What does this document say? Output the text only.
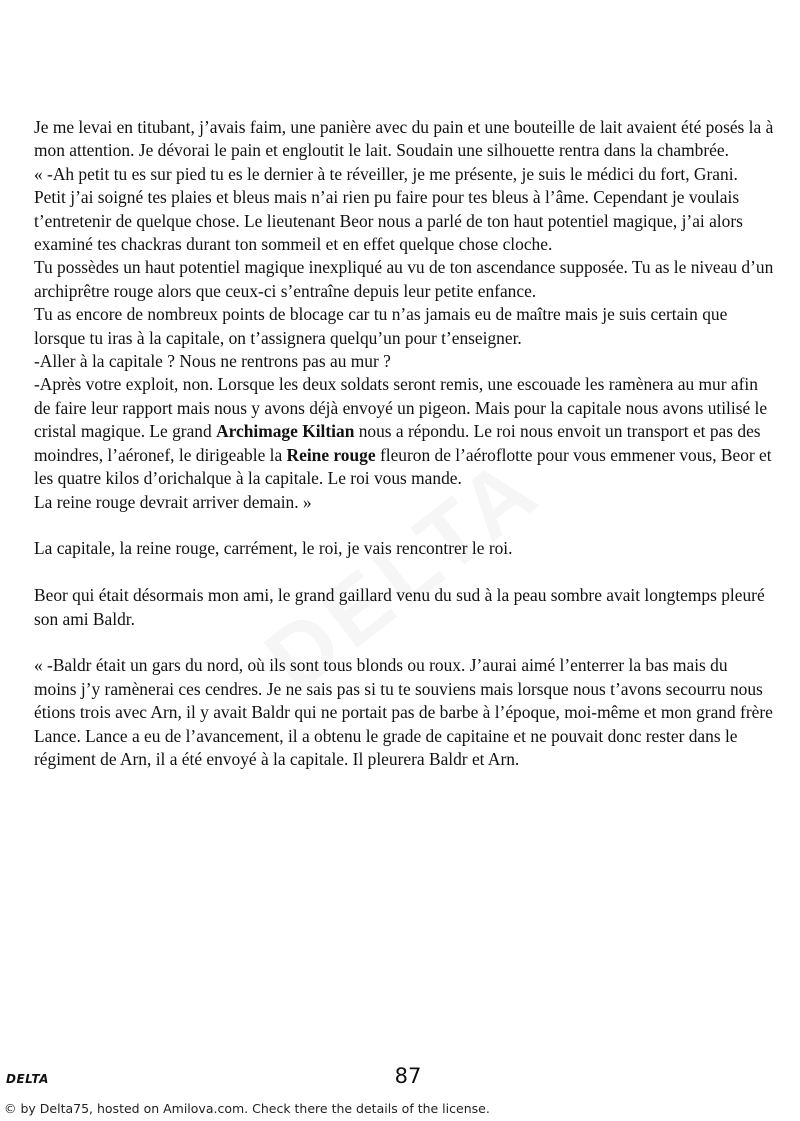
Je me levai en titubant, j’avais faim, une panière avec du pain et une bouteille de lait avaient été posés la à mon attention. Je dévorai le pain et engloutit le lait. Soudain une silhouette rentra dans la chambrée.

« -Ah petit tu es sur pied tu es le dernier à te réveiller, je me présente, je suis le médici du fort, Grani. Petit j’ai soigné tes plaies et bleus mais n’ai rien pu faire pour tes bleus à l’âme. Cependant je voulais t’entretenir de quelque chose. Le lieutenant Beor nous a parlé de ton haut potentiel magique, j’ai alors examiné tes chackras durant ton sommeil et en effet quelque chose cloche.

Tu possèdes un haut potentiel magique inexpliqué au vu de ton ascendance supposée. Tu as le niveau d’un archiprêtre rouge alors que ceux-ci s’entraîne depuis leur petite enfance.

Tu as encore de nombreux points de blocage car tu n’as jamais eu de maître mais je suis certain que lorsque tu iras à la capitale, on t’assignera quelqu’un pour t’enseigner.

-Aller à la capitale ? Nous ne rentrons pas au mur ?

-Après votre exploit, non. Lorsque les deux soldats seront remis, une escouade les ramènera au mur afin de faire leur rapport mais nous y avons déjà envoyé un pigeon. Mais pour la capitale nous avons utilisé le cristal magique. Le grand Archimage Kiltian nous a répondu. Le roi nous envoit un transport et pas des moindres, l’aéronef, le dirigeable la Reine rouge fleuron de l’aéroflotte pour vous emmener vous, Beor et les quatre kilos d’orichalque à la capitale. Le roi vous mande.

La reine rouge devrait arriver demain. »

La capitale, la reine rouge, carrément, le roi, je vais rencontrer le roi.

Beor qui était désormais mon ami, le grand gaillard venu du sud à la peau sombre avait longtemps pleuré son ami Baldr.

« -Baldr était un gars du nord, où ils sont tous blonds ou roux. J’aurai aimé l’enterrer la bas mais du moins j’y ramènerai ces cendres. Je ne sais pas si tu te souviens mais lorsque nous t’avons secourru nous étions trois avec Arn, il y avait Baldr qui ne portait pas de barbe à l’époque, moi-même et mon grand frère Lance. Lance a eu de l’avancement, il a obtenu le grade de capitaine et ne pouvait donc rester dans le régiment de Arn, il a été envoyé à la capitale. Il pleurera Baldr et Arn.

DELTA	87
© by Delta75, hosted on Amilova.com. Check there the details of the license.
